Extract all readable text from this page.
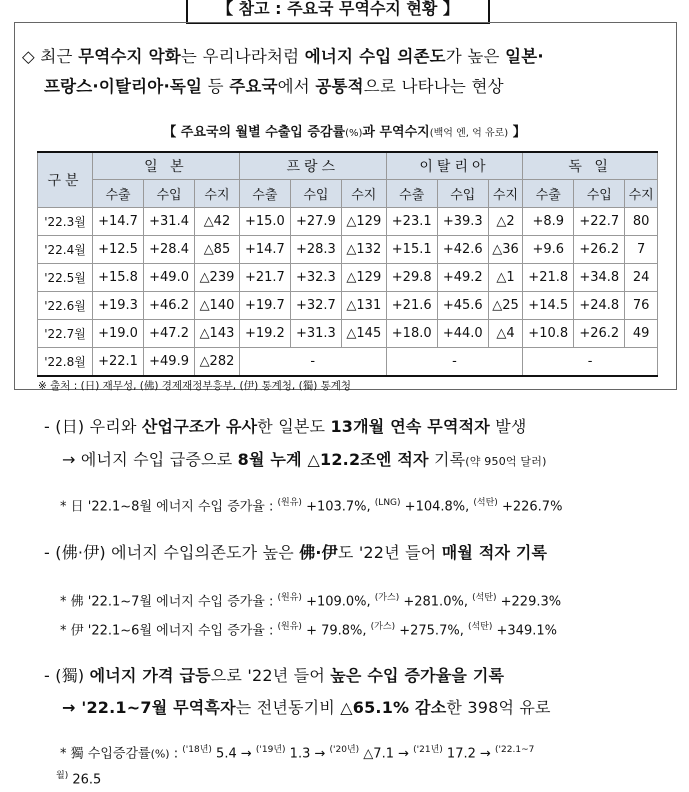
【 참고 : 주요국 무역수지 현황 】
◇ 최근 무역수지 악화는 우리나라처럼 에너지 수입 의존도가 높은 일본·
프랑스·이탈리아·독일 등 주요국에서 공통적으로 나타나는 현상
【 주요국의 월별 수출입 증감률(%)과 무역수지(백억 엔, 억 유로) 】
구분	일 본			프랑스			이탈리아			독 일		
	수출	수입	수지	수출	수입	수지	수출	수입	수지	수출	수입	수지
'22.3월	+14.7	+31.4	△42	+15.0	+27.9	△129	+23.1	+39.3	△2	+8.9	+22.7	80
'22.4월	+12.5	+28.4	△85	+14.7	+28.3	△132	+15.1	+42.6	△36	+9.6	+26.2	7
'22.5월	+15.8	+49.0	△239	+21.7	+32.3	△129	+29.8	+49.2	△1	+21.8	+34.8	24
'22.6월	+19.3	+46.2	△140	+19.7	+32.7	△131	+21.6	+45.6	△25	+14.5	+24.8	76
'22.7월	+19.0	+47.2	△143	+19.2	+31.3	△145	+18.0	+44.0	△4	+10.8	+26.2	49
'22.8월	+22.1	+49.9	△282	-			-			-		
※ 출처 : (日) 재무성, (佛) 경제재정부흥부, (伊) 통계청, (獨) 통계청
- (日) 우리와 산업구조가 유사한 일본도 13개월 연속 무역적자 발생
→ 에너지 수입 급증으로 8월 누계 △12.2조엔 적자 기록(약 950억 달러)
* 日 '22.1~8월 에너지 수입 증가율 : $^{(원유)}$ +103.7%, $^{(LNG)}$ +104.8%, $^{(석탄)}$ +226.7%
- (佛·伊) 에너지 수입의존도가 높은 佛·伊도 '22년 들어 매월 적자 기록
* 佛 '22.1~7월 에너지 수입 증가율 : $^{(원유)}$ +109.0%, $^{(가스)}$ +281.0%, $^{(석탄)}$ +229.3%
* 伊 '22.1~6월 에너지 수입 증가율 : $^{(원유)}$ + 79.8%, $^{(가스)}$ +275.7%, $^{(석탄)}$ +349.1%
- (獨) 에너지 가격 급등으로 '22년 들어 높은 수입 증가율을 기록
→ '22.1~7월 무역흑자는 전년동기비 △65.1% 감소한 398억 유로
* 獨 수입증감률(%) : $^{('18년)}$ 5.4 → $^{('19년)}$ 1.3 → $^{('20년)}$ △7.1 → $^{('21년)}$ 17.2 → $^{('22.1\sim 7}$
$^{월)}$ 26.5
